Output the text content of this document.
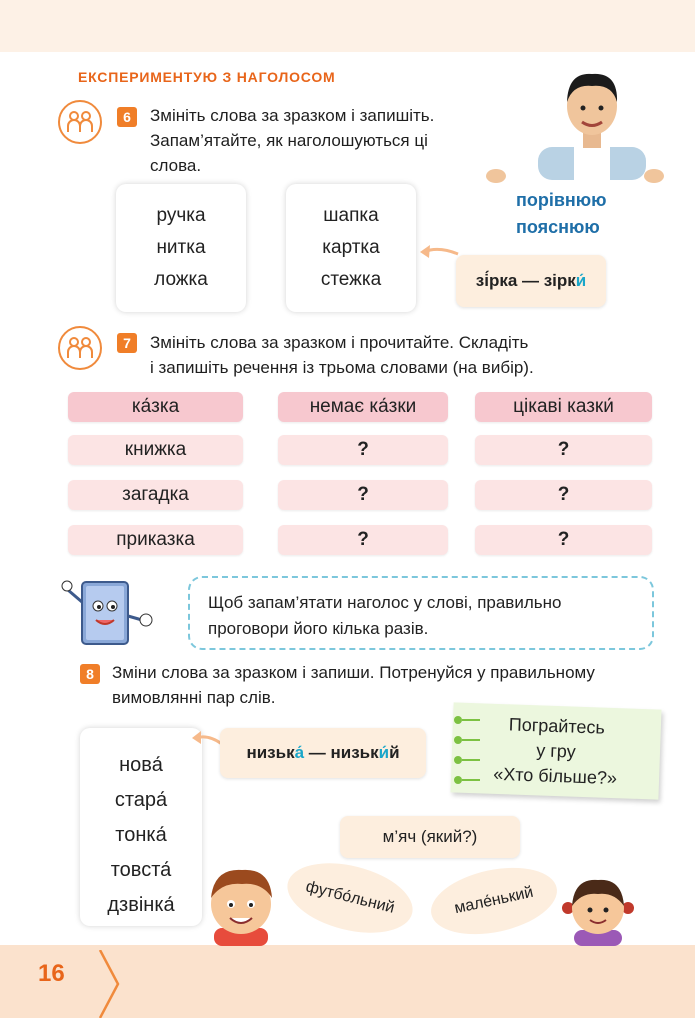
ЕКСПЕРИМЕНТУЮ З НАГОЛОСОМ
6	Змініть слова за зразком і запишіть.
Запам’ятайте, як наголошуються ці
слова.
порівнюю
пояснюю
ручка
нитка
ложка
шапка
картка
стежка	зірка — зірки́
7	Змініть слова за зразком і прочитайте. Складіть
і запишіть речення із трьома словами (на вибір).
ка́зка	немає ка́зки	цікаві казки́
книжка	?	?
загадка	?	?
приказка	?	?
Щоб запам’ятати наголос у слові, правильно
проговори його кілька разів.
8	Зміни слова за зразком і запиши. Потренуйся у правильному
вимовлянні пар слів.
нова́
стара́
тонка́
товста́
дзвінка́
низька́ — низьки́й
Пограйтесь
у гру
«Хто більше?»
м’яч (який?)
футбо́льний	мале́нький
16
